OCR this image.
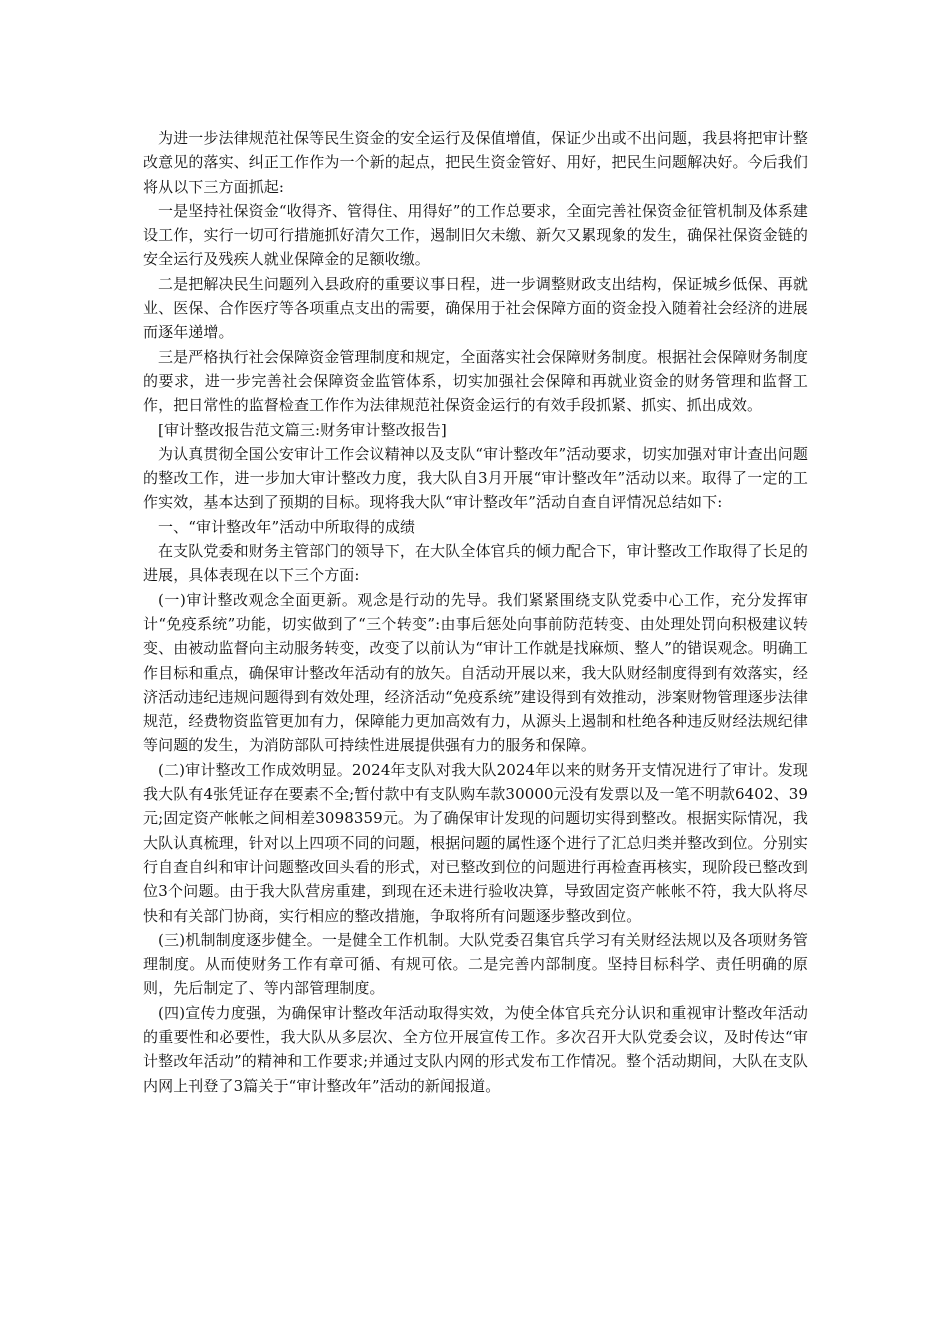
为进一步法律规范社保等民生资金的安全运行及保值增值，保证少出或不出问题，我县将把审计整改意见的落实、纠正工作作为一个新的起点，把民生资金管好、用好，把民生问题解决好。今后我们将从以下三方面抓起:

一是坚持社保资金“收得齐、管得住、用得好”的工作总要求，全面完善社保资金征管机制及体系建设工作，实行一切可行措施抓好清欠工作，遏制旧欠未缴、新欠又累现象的发生，确保社保资金链的安全运行及残疾人就业保障金的足额收缴。

二是把解决民生问题列入县政府的重要议事日程，进一步调整财政支出结构，保证城乡低保、再就业、医保、合作医疗等各项重点支出的需要，确保用于社会保障方面的资金投入随着社会经济的进展而逐年递增。

三是严格执行社会保障资金管理制度和规定，全面落实社会保障财务制度。根据社会保障财务制度的要求，进一步完善社会保障资金监管体系，切实加强社会保障和再就业资金的财务管理和监督工作，把日常性的监督检查工作作为法律规范社保资金运行的有效手段抓紧、抓实、抓出成效。

[审计整改报告范文篇三:财务审计整改报告]

为认真贯彻全国公安审计工作会议精神以及支队“审计整改年”活动要求，切实加强对审计查出问题的整改工作，进一步加大审计整改力度，我大队自3月开展“审计整改年”活动以来。取得了一定的工作实效，基本达到了预期的目标。现将我大队“审计整改年”活动自查自评情况总结如下:

一、“审计整改年”活动中所取得的成绩

在支队党委和财务主管部门的领导下，在大队全体官兵的倾力配合下，审计整改工作取得了长足的进展，具体表现在以下三个方面:

(一)审计整改观念全面更新。观念是行动的先导。我们紧紧围绕支队党委中心工作，充分发挥审计“免疫系统”功能，切实做到了“三个转变”:由事后惩处向事前防范转变、由处理处罚向积极建议转变、由被动监督向主动服务转变，改变了以前认为“审计工作就是找麻烦、整人”的错误观念。明确工作目标和重点，确保审计整改年活动有的放矢。自活动开展以来，我大队财经制度得到有效落实，经济活动违纪违规问题得到有效处理，经济活动“免疫系统”建设得到有效推动，涉案财物管理逐步法律规范，经费物资监管更加有力，保障能力更加高效有力，从源头上遏制和杜绝各种违反财经法规纪律等问题的发生，为消防部队可持续性进展提供强有力的服务和保障。

(二)审计整改工作成效明显。2024年支队对我大队2024年以来的财务开支情况进行了审计。发现我大队有4张凭证存在要素不全;暂付款中有支队购车款30000元没有发票以及一笔不明款6402、39元;固定资产帐帐之间相差3098359元。为了确保审计发现的问题切实得到整改。根据实际情况，我大队认真梳理，针对以上四项不同的问题，根据问题的属性逐个进行了汇总归类并整改到位。分别实行自查自纠和审计问题整改回头看的形式，对已整改到位的问题进行再检查再核实，现阶段已整改到位3个问题。由于我大队营房重建，到现在还未进行验收决算，导致固定资产帐帐不符，我大队将尽快和有关部门协商，实行相应的整改措施，争取将所有问题逐步整改到位。

(三)机制制度逐步健全。一是健全工作机制。大队党委召集官兵学习有关财经法规以及各项财务管理制度。从而使财务工作有章可循、有规可依。二是完善内部制度。坚持目标科学、责任明确的原则，先后制定了、等内部管理制度。

(四)宣传力度强，为确保审计整改年活动取得实效，为使全体官兵充分认识和重视审计整改年活动的重要性和必要性，我大队从多层次、全方位开展宣传工作。多次召开大队党委会议，及时传达“审计整改年活动”的精神和工作要求;并通过支队内网的形式发布工作情况。整个活动期间，大队在支队内网上刊登了3篇关于“审计整改年”活动的新闻报道。
